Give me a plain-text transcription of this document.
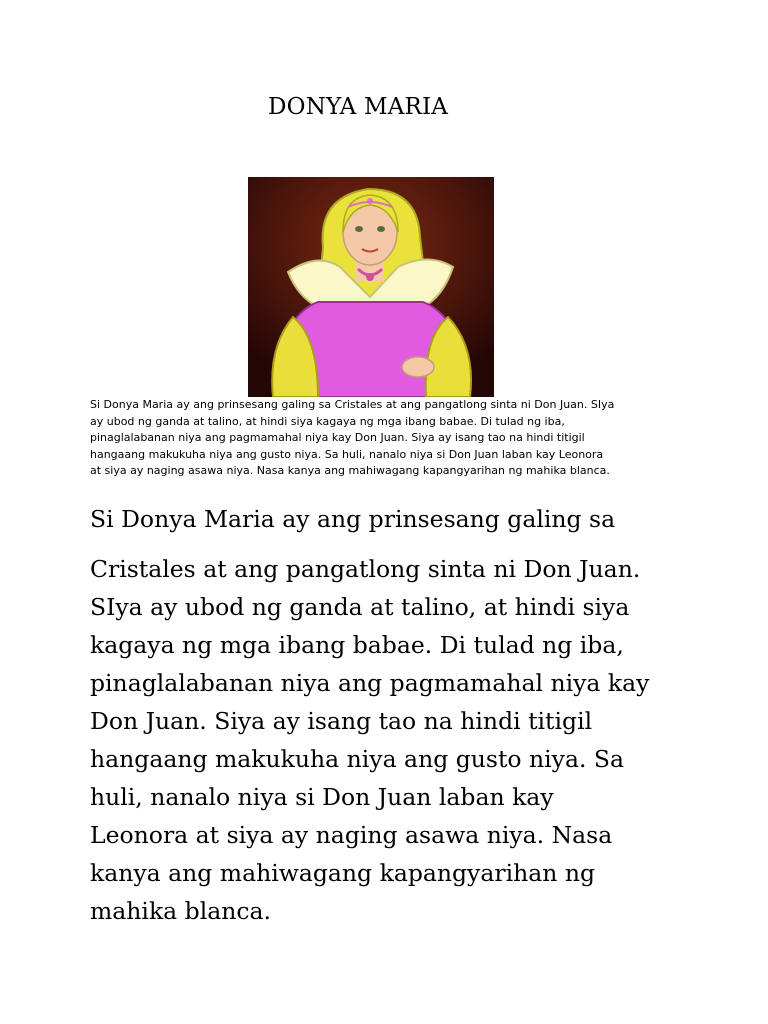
DONYA MARIA
Si Donya Maria ay ang prinsesang galing sa Cristales at ang pangatlong sinta ni Don Juan. SIya
ay ubod ng ganda at talino, at hindi siya kagaya ng mga ibang babae. Di tulad ng iba,
pinaglalabanan niya ang pagmamahal niya kay Don Juan. Siya ay isang tao na hindi titigil
hangaang makukuha niya ang gusto niya. Sa huli, nanalo niya si Don Juan laban kay Leonora
at siya ay naging asawa niya. Nasa kanya ang mahiwagang kapangyarihan ng mahika blanca.
Si Donya Maria ay ang prinsesang galing sa
Cristales at ang pangatlong sinta ni Don Juan.
SIya ay ubod ng ganda at talino, at hindi siya
kagaya ng mga ibang babae. Di tulad ng iba,
pinaglalabanan niya ang pagmamahal niya kay
Don Juan. Siya ay isang tao na hindi titigil
hangaang makukuha niya ang gusto niya. Sa
huli, nanalo niya si Don Juan laban kay
Leonora at siya ay naging asawa niya. Nasa
kanya ang mahiwagang kapangyarihan ng
mahika blanca.
